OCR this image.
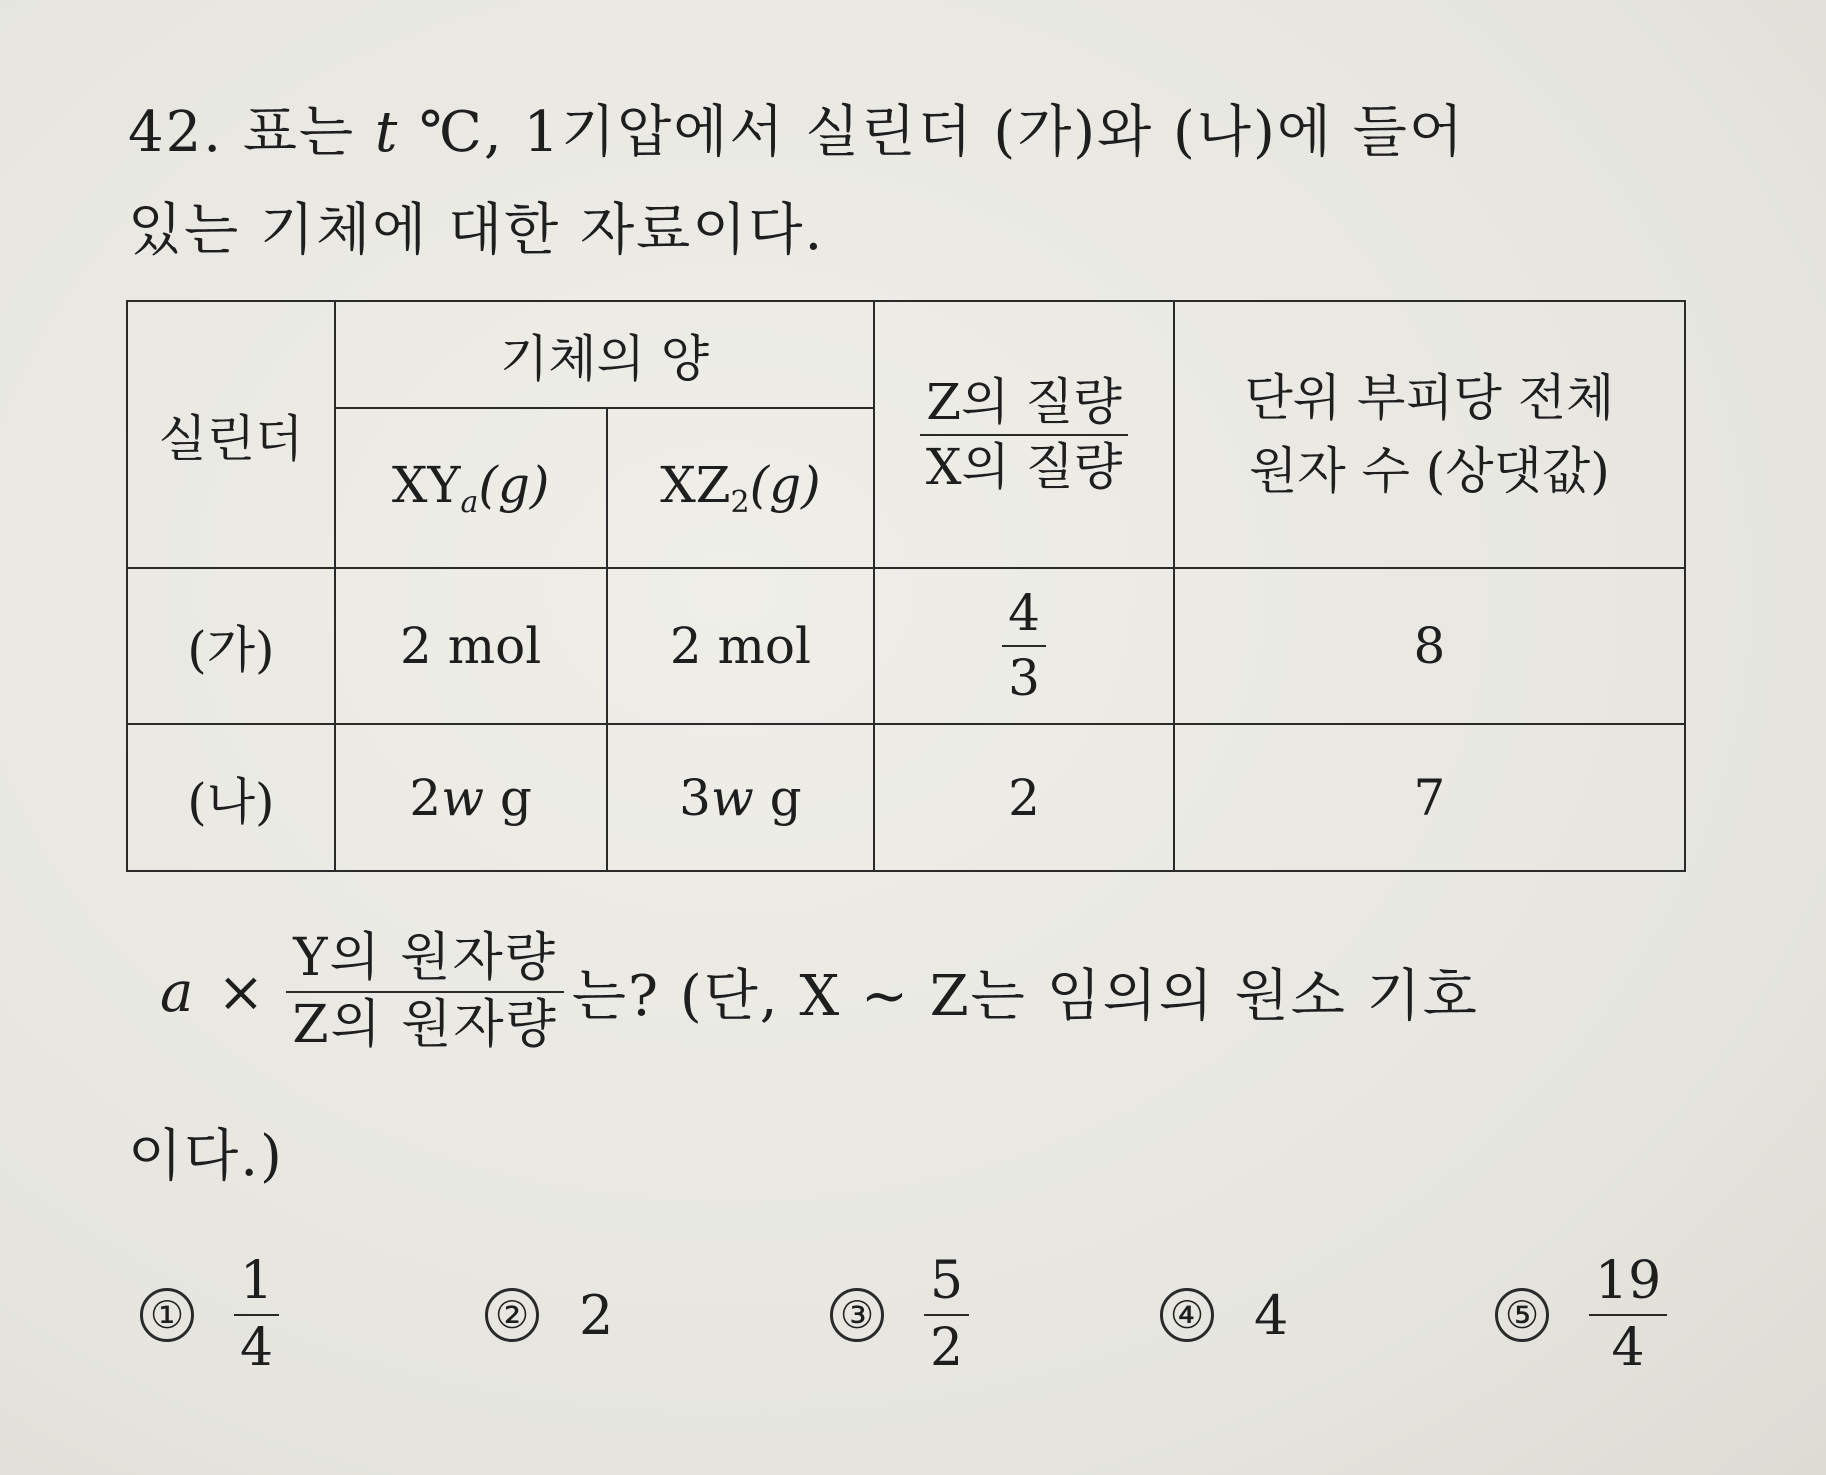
42. 표는 t ℃, 1기압에서 실린더 (가)와 (나)에 들어
있는 기체에 대한 자료이다.
실린더	기체의 양		$\frac{\text{Z의 질량}}{\text{X의 질량}}$	단위 부피당 전체
원자 수 (상댓값)
	$XY_a(g)$	$XZ_2(g)$		
(가)	2 mol	2 mol	$\frac{4}{3}$	8
(나)	2w g	3w g	2	7
$a \times \frac{\text{Y의 원자량}}{\text{Z의 원자량}}$ 는? (단, X ~ Z는 임의의 원소 기호
이다.)
① $\frac{1}{4}$	② 2	③ $\frac{5}{2}$	④ 4	⑤ $\frac{19}{4}$
